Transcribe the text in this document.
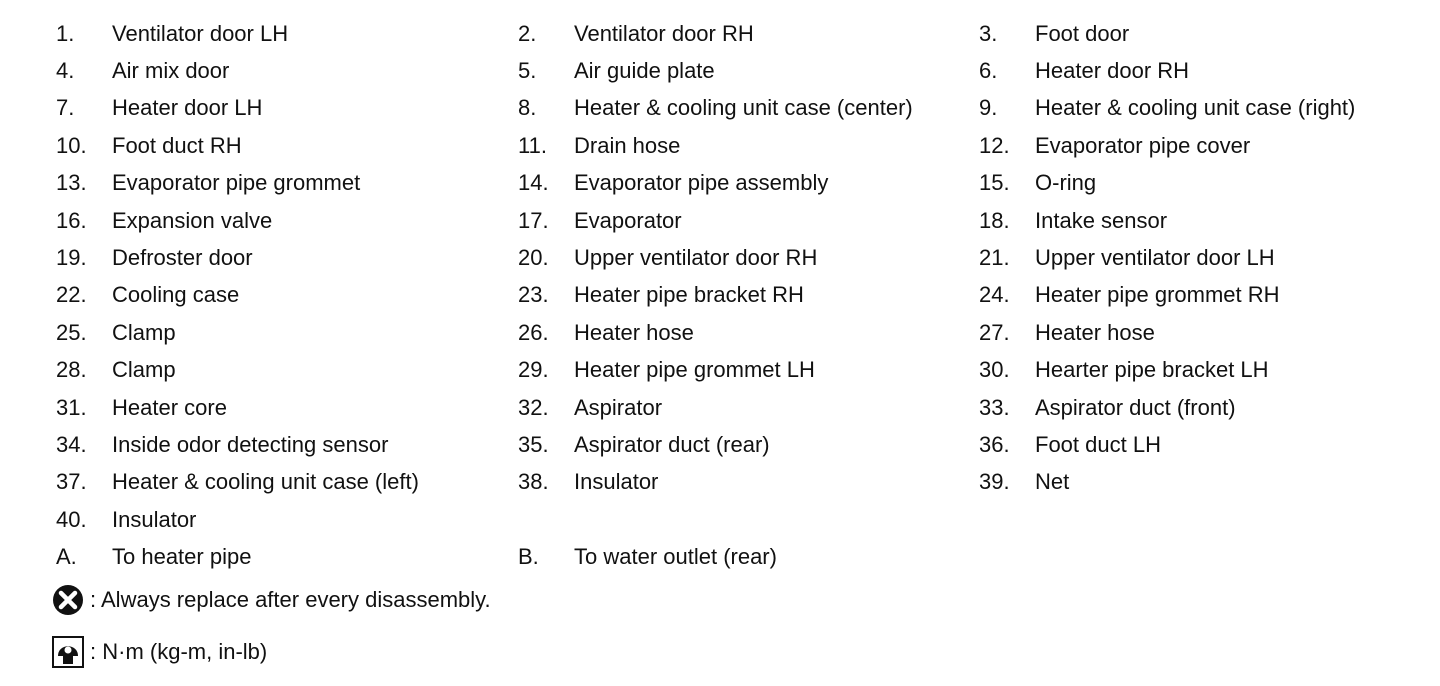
1.	Ventilator door LH	2.	Ventilator door RH	3.	Foot door
4.	Air mix door	5.	Air guide plate	6.	Heater door RH
7.	Heater door LH	8.	Heater & cooling unit case (center)	9.	Heater & cooling unit case (right)
10.	Foot duct RH	11.	Drain hose	12.	Evaporator pipe cover
13.	Evaporator pipe grommet	14.	Evaporator pipe assembly	15.	O-ring
16.	Expansion valve	17.	Evaporator	18.	Intake sensor
19.	Defroster door	20.	Upper ventilator door RH	21.	Upper ventilator door LH
22.	Cooling case	23.	Heater pipe bracket RH	24.	Heater pipe grommet RH
25.	Clamp	26.	Heater hose	27.	Heater hose
28.	Clamp	29.	Heater pipe grommet LH	30.	Hearter pipe bracket LH
31.	Heater core	32.	Aspirator	33.	Aspirator duct (front)
34.	Inside odor detecting sensor	35.	Aspirator duct (rear)	36.	Foot duct LH
37.	Heater & cooling unit case (left)	38.	Insulator	39.	Net
40.	Insulator
A.	To heater pipe	B.	To water outlet (rear)
: Always replace after every disassembly.
: N·m (kg-m, in-lb)
